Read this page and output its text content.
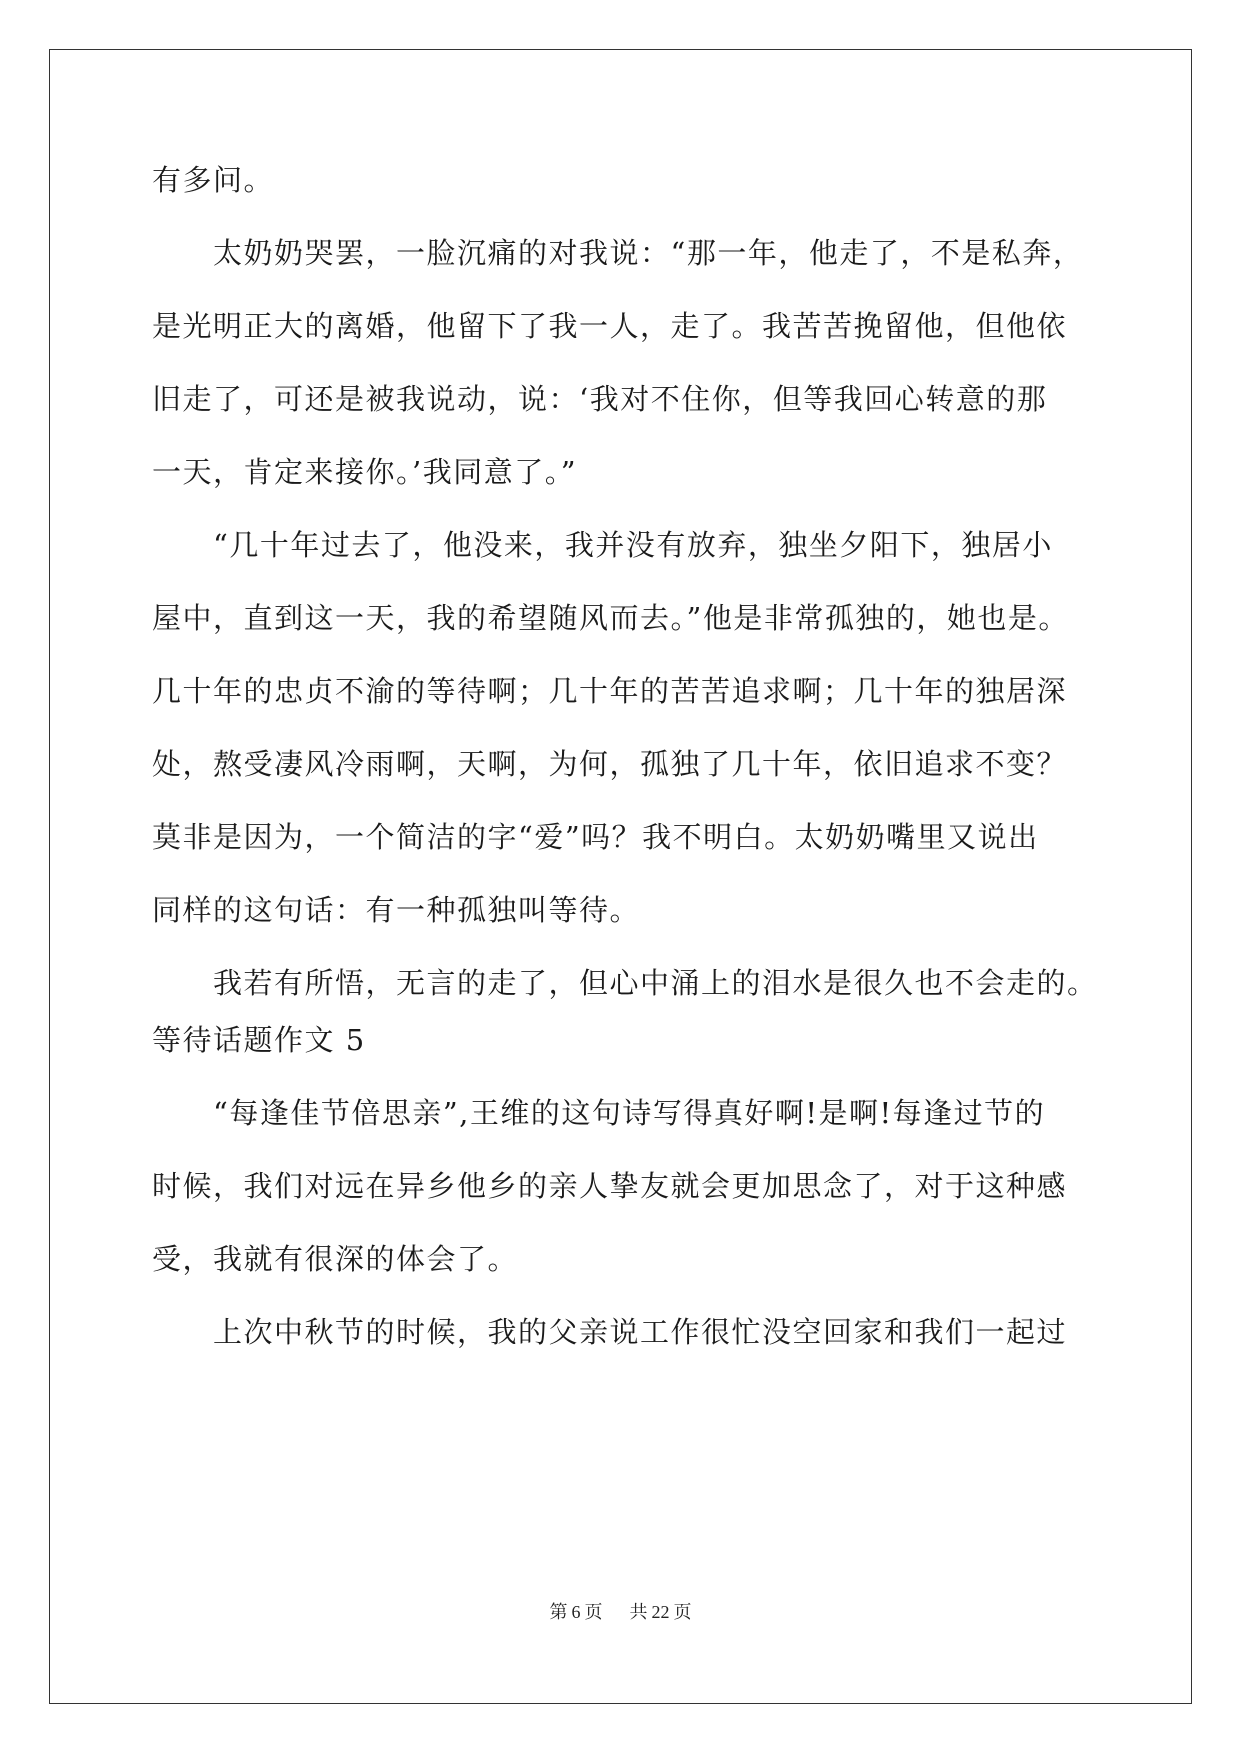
有多问。
　　太奶奶哭罢，一脸沉痛的对我说：“那一年，他走了，不是私奔，
是光明正大的离婚，他留下了我一人，走了。我苦苦挽留他，但他依
旧走了，可还是被我说动，说：‘我对不住你，但等我回心转意的那
一天，肯定来接你。’我同意了。”
　　“几十年过去了，他没来，我并没有放弃，独坐夕阳下，独居小
屋中，直到这一天，我的希望随风而去。”他是非常孤独的，她也是。
几十年的忠贞不渝的等待啊；几十年的苦苦追求啊；几十年的独居深
处，熬受凄风冷雨啊，天啊，为何，孤独了几十年，依旧追求不变？
莫非是因为，一个简洁的字“爱”吗？我不明白。太奶奶嘴里又说出
同样的这句话：有一种孤独叫等待。
　　我若有所悟，无言的走了，但心中涌上的泪水是很久也不会走的。
等待话题作文 5
　　“每逢佳节倍思亲”,王维的这句诗写得真好啊!是啊!每逢过节的
时候，我们对远在异乡他乡的亲人挚友就会更加思念了，对于这种感
受，我就有很深的体会了。
　　上次中秋节的时候，我的父亲说工作很忙没空回家和我们一起过
第 6 页 共 22 页
